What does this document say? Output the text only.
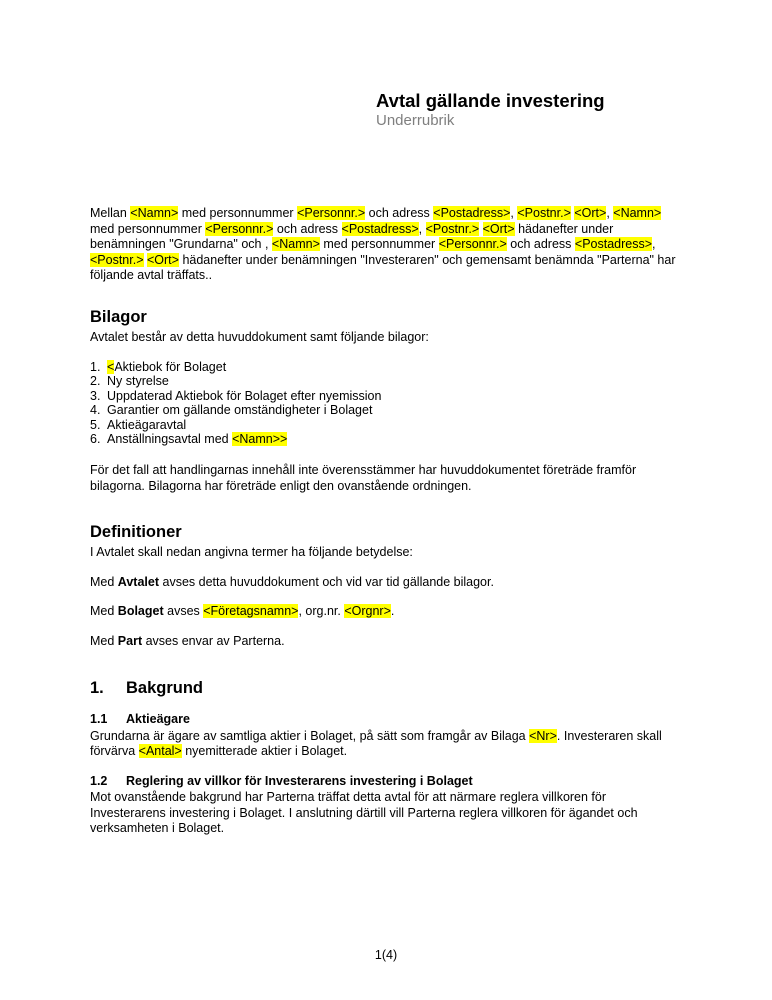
Avtal gällande investering
Underrubrik

Mellan <Namn> med personnummer <Personnr.> och adress <Postadress>, <Postnr.> <Ort>, <Namn> med personnummer <Personnr.> och adress <Postadress>, <Postnr.> <Ort> hädanefter under benämningen "Grundarna" och , <Namn> med personnummer <Personnr.> och adress <Postadress>, <Postnr.> <Ort> hädanefter under benämningen "Investeraren" och gemensamt benämnda "Parterna" har följande avtal träffats..

Bilagor

Avtalet består av detta huvuddokument samt följande bilagor:

1. <Aktiebok för Bolaget
2. Ny styrelse
3. Uppdaterad Aktiebok för Bolaget efter nyemission
4. Garantier om gällande omständigheter i Bolaget
5. Aktieägaravtal
6. Anställningsavtal med <Namn>>

För det fall att handlingarnas innehåll inte överensstämmer har huvuddokumentet företräde framför bilagorna. Bilagorna har företräde enligt den ovanstående ordningen.

Definitioner

I Avtalet skall nedan angivna termer ha följande betydelse:

Med Avtalet avses detta huvuddokument och vid var tid gällande bilagor.

Med Bolaget avses <Företagsnamn>, org.nr. <Orgnr>.

Med Part avses envar av Parterna.

1.	Bakgrund
1.1	Aktieägare

Grundarna är ägare av samtliga aktier i Bolaget, på sätt som framgår av Bilaga <Nr>. Investeraren skall förvärva <Antal> nyemitterade aktier i Bolaget.

1.2	Reglering av villkor för Investerarens investering i Bolaget

Mot ovanstående bakgrund har Parterna träffat detta avtal för att närmare reglera villkoren för Investerarens investering i Bolaget. I anslutning därtill vill Parterna reglera villkoren för ägandet och verksamheten i Bolaget.

1(4)
